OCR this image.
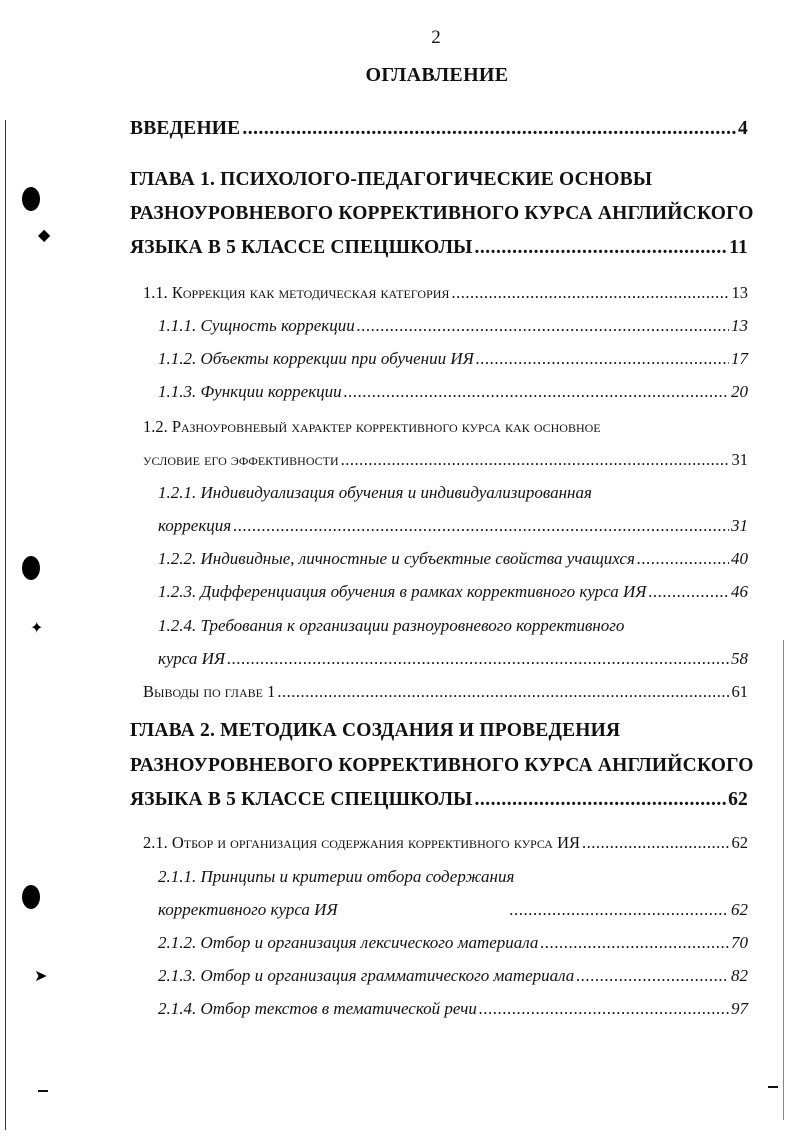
2
ОГЛАВЛЕНИЕ
ВВЕДЕНИЕ .....	4
ГЛАВА 1. ПСИХОЛОГО-ПЕДАГОГИЧЕСКИЕ ОСНОВЫ
РАЗНОУРОВНЕВОГО КОРРЕКТИВНОГО КУРСА АНГЛИЙСКОГО
ЯЗЫКА В 5 КЛАССЕ СПЕЦШКОЛЫ .....	11
1.1. Коррекция как методическая категория .....	13
1.1.1. Сущность коррекции .....	13
1.1.2. Объекты коррекции при обучении ИЯ .....	17
1.1.3. Функции коррекции .....	20
1.2. Разноуровневый характер коррективного курса как основное
условие его эффективности .....	31
1.2.1. Индивидуализация обучения и индивидуализированная
коррекция .....	31
1.2.2. Индивидные, личностные и субъектные свойства учащихся .....	40
1.2.3. Дифференциация обучения в рамках коррективного курса ИЯ .....	46
1.2.4. Требования к организации разноуровневого коррективного
курса ИЯ .....	58
Выводы по главе 1 .....	61
ГЛАВА 2. МЕТОДИКА СОЗДАНИЯ И ПРОВЕДЕНИЯ
РАЗНОУРОВНЕВОГО КОРРЕКТИВНОГО КУРСА АНГЛИЙСКОГО
ЯЗЫКА В 5 КЛАССЕ СПЕЦШКОЛЫ .....	62
2.1. Отбор и организация содержания коррективного курса ИЯ .....	62
2.1.1. Принципы и критерии отбора содержания
коррективного курса ИЯ .....	62
2.1.2. Отбор и организация лексического материала .....	70
2.1.3. Отбор и организация грамматического материала .....	82
2.1.4. Отбор текстов в тематической речи .....	97
◆
✦
➤
